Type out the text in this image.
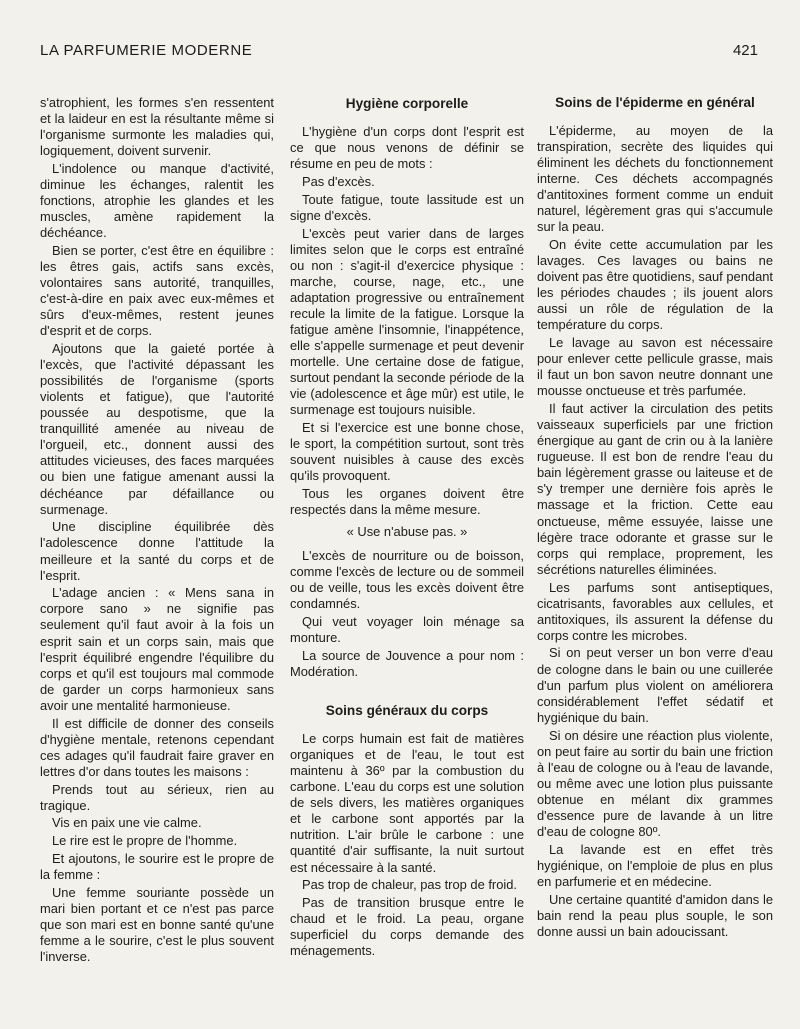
LA PARFUMERIE MODERNE	421

s'atrophient, les formes s'en ressentent et la laideur en est la résultante même si l'organisme surmonte les maladies qui, logiquement, doivent survenir.

L'indolence ou manque d'activité, diminue les échanges, ralentit les fonctions, atrophie les glandes et les muscles, amène rapidement la déchéance.

Bien se porter, c'est être en équilibre : les êtres gais, actifs sans excès, volontaires sans autorité, tranquilles, c'est-à-dire en paix avec eux-mêmes et sûrs d'eux-mêmes, restent jeunes d'esprit et de corps.

Ajoutons que la gaieté portée à l'excès, que l'activité dépassant les possibilités de l'organisme (sports violents et fatigue), que l'autorité poussée au despotisme, que la tranquillité amenée au niveau de l'orgueil, etc., donnent aussi des attitudes vicieuses, des faces marquées ou bien une fatigue amenant aussi la déchéance par défaillance ou surmenage.

Une discipline équilibrée dès l'adolescence donne l'attitude la meilleure et la santé du corps et de l'esprit.

L'adage ancien : « Mens sana in corpore sano » ne signifie pas seulement qu'il faut avoir à la fois un esprit sain et un corps sain, mais que l'esprit équilibré engendre l'équilibre du corps et qu'il est toujours mal commode de garder un corps harmonieux sans avoir une mentalité harmonieuse.

Il est difficile de donner des conseils d'hygiène mentale, retenons cependant ces adages qu'il faudrait faire graver en lettres d'or dans toutes les maisons :

Prends tout au sérieux, rien au tragique.

Vis en paix une vie calme.

Le rire est le propre de l'homme.

Et ajoutons, le sourire est le propre de la femme :

Une femme souriante possède un mari bien portant et ce n'est pas parce que son mari est en bonne santé qu'une femme a le sourire, c'est le plus souvent l'inverse.

Hygiène corporelle

L'hygiène d'un corps dont l'esprit est ce que nous venons de définir se résume en peu de mots :

Pas d'excès.

Toute fatigue, toute lassitude est un signe d'excès.

L'excès peut varier dans de larges limites selon que le corps est entraîné ou non : s'agit-il d'exercice physique : marche, course, nage, etc., une adaptation progressive ou entraînement recule la limite de la fatigue. Lorsque la fatigue amène l'insomnie, l'inappétence, elle s'appelle surmenage et peut devenir mortelle. Une certaine dose de fatigue, surtout pendant la seconde période de la vie (adolescence et âge mûr) est utile, le surmenage est toujours nuisible.

Et si l'exercice est une bonne chose, le sport, la compétition surtout, sont très souvent nuisibles à cause des excès qu'ils provoquent.

Tous les organes doivent être respectés dans la même mesure.

« Use n'abuse pas. »

L'excès de nourriture ou de boisson, comme l'excès de lecture ou de sommeil ou de veille, tous les excès doivent être condamnés.

Qui veut voyager loin ménage sa monture.

La source de Jouvence a pour nom : Modération.

Soins généraux du corps

Le corps humain est fait de matières organiques et de l'eau, le tout est maintenu à 36º par la combustion du carbone. L'eau du corps est une solution de sels divers, les matières organiques et le carbone sont apportés par la nutrition. L'air brûle le carbone : une quantité d'air suffisante, la nuit surtout est nécessaire à la santé.

Pas trop de chaleur, pas trop de froid.

Pas de transition brusque entre le chaud et le froid. La peau, organe superficiel du corps demande des ménagements.

Soins de l'épiderme en général

L'épiderme, au moyen de la transpiration, secrète des liquides qui éliminent les déchets du fonctionnement interne. Ces déchets accompagnés d'antitoxines forment comme un enduit naturel, légèrement gras qui s'accumule sur la peau.

On évite cette accumulation par les lavages. Ces lavages ou bains ne doivent pas être quotidiens, sauf pendant les périodes chaudes ; ils jouent alors aussi un rôle de régulation de la température du corps.

Le lavage au savon est nécessaire pour enlever cette pellicule grasse, mais il faut un bon savon neutre donnant une mousse onctueuse et très parfumée.

Il faut activer la circulation des petits vaisseaux superficiels par une friction énergique au gant de crin ou à la lanière rugueuse. Il est bon de rendre l'eau du bain légèrement grasse ou laiteuse et de s'y tremper une dernière fois après le massage et la friction. Cette eau onctueuse, même essuyée, laisse une légère trace odorante et grasse sur le corps qui remplace, proprement, les sécrétions naturelles éliminées.

Les parfums sont antiseptiques, cicatrisants, favorables aux cellules, et antitoxiques, ils assurent la défense du corps contre les microbes.

Si on peut verser un bon verre d'eau de cologne dans le bain ou une cuillerée d'un parfum plus violent on améliorera considérablement l'effet sédatif et hygiénique du bain.

Si on désire une réaction plus violente, on peut faire au sortir du bain une friction à l'eau de cologne ou à l'eau de lavande, ou même avec une lotion plus puissante obtenue en mélant dix grammes d'essence pure de lavande à un litre d'eau de cologne 80º.

La lavande est en effet très hygiénique, on l'emploie de plus en plus en parfumerie et en médecine.

Une certaine quantité d'amidon dans le bain rend la peau plus souple, le son donne aussi un bain adoucissant.
